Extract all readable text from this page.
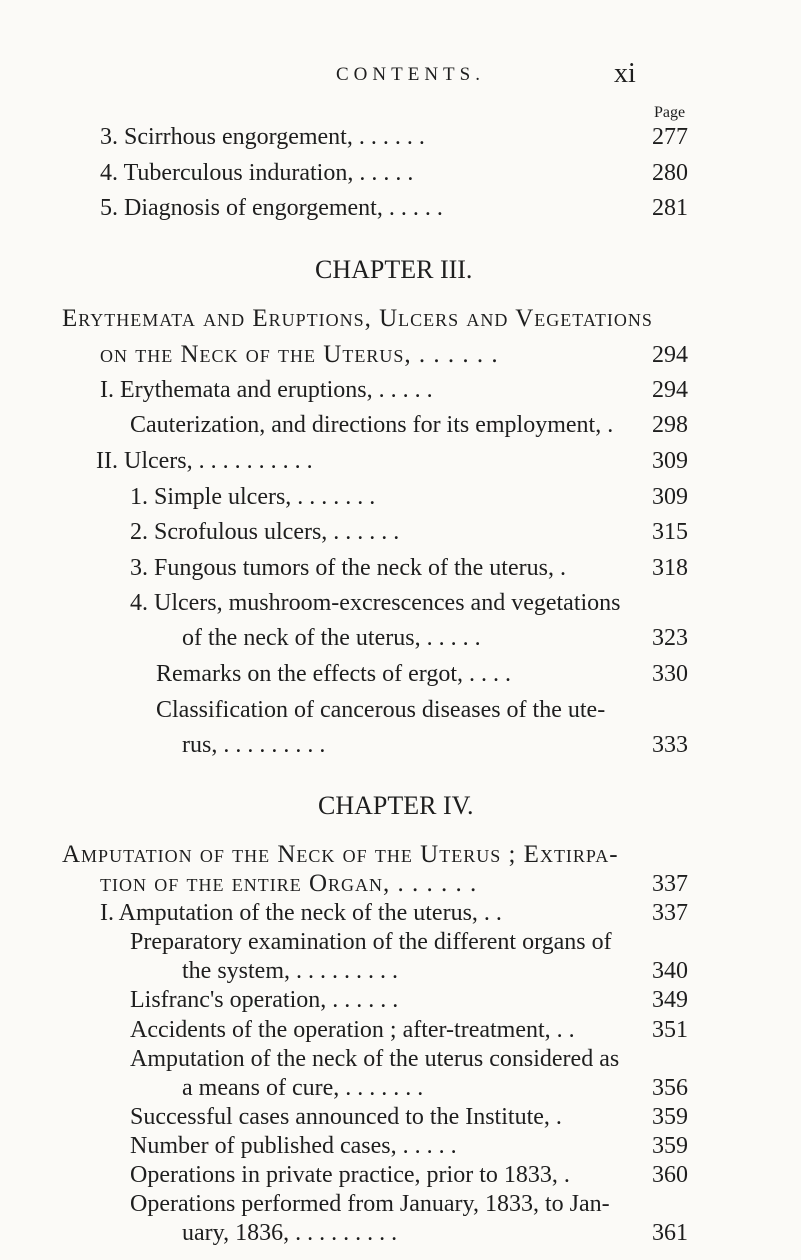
CONTENTS.	xi
Page
3. Scirrhous engorgement, . . . . . .	277
4. Tuberculous induration, . . . . .	280
5. Diagnosis of engorgement, . . . . .	281
CHAPTER III.
Erythemata and Eruptions, Ulcers and Vegetations
on the Neck of the Uterus, . . . . . .	294
I. Erythemata and eruptions, . . . . .	294
Cauterization, and directions for its employment, . 298
II. Ulcers, . . . . . . . . . .	309
1. Simple ulcers, . . . . . . .	309
2. Scrofulous ulcers, . . . . . .	315
3. Fungous tumors of the neck of the uterus, .	318
4. Ulcers, mushroom-excrescences and vegetations
of the neck of the uterus, . . . . .	323
Remarks on the effects of ergot, . . . .	330
Classification of cancerous diseases of the ute-
rus, . . . . . . . . .	333
CHAPTER IV.
Amputation of the Neck of the Uterus ; Extirpa-
tion of the entire Organ, . . . . . .	337
I. Amputation of the neck of the uterus, . .	337
Preparatory examination of the different organs of
the system, . . . . . . . . .	340
Lisfranc's operation, . . . . . .	349
Accidents of the operation ; after-treatment, . .	351
Amputation of the neck of the uterus considered as
a means of cure, . . . . . . .	356
Successful cases announced to the Institute, .	359
Number of published cases, . . . . .	359
Operations in private practice, prior to 1833, .	360
Operations performed from January, 1833, to Jan-
uary, 1836, . . . . . . . . .	361
